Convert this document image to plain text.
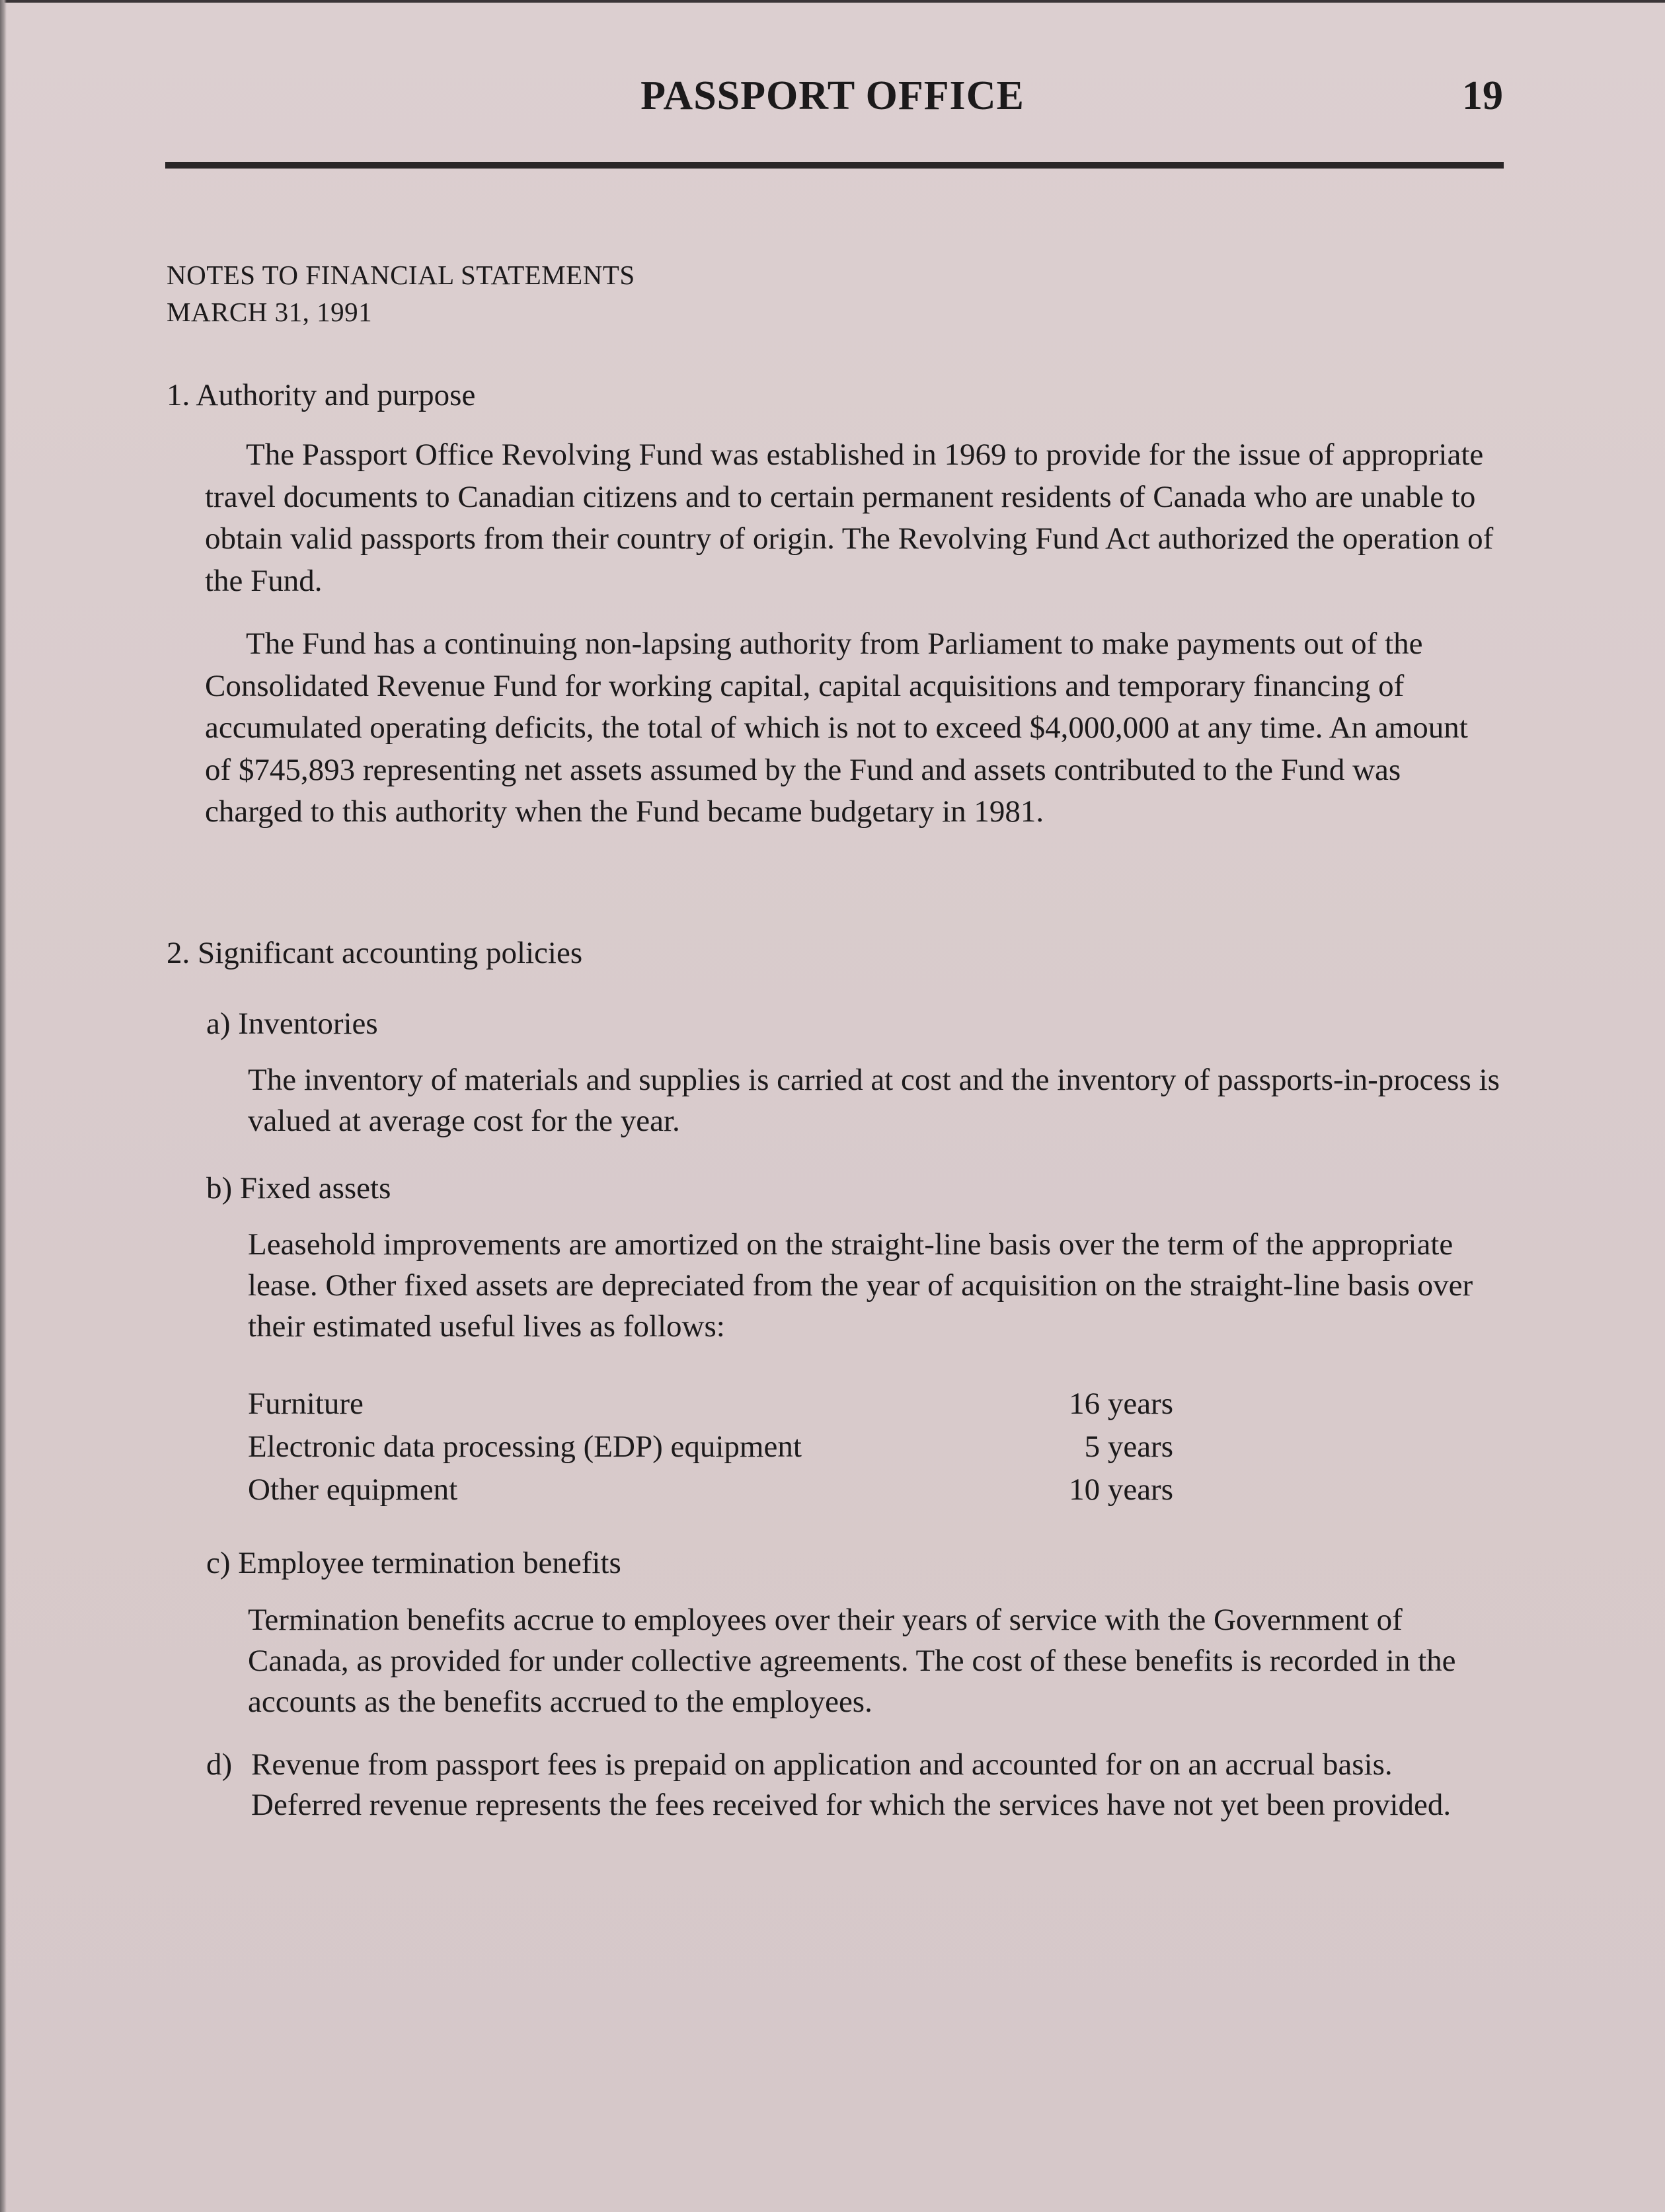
PASSPORT OFFICE	19
NOTES TO FINANCIAL STATEMENTS
MARCH 31, 1991
1. Authority and purpose
The Passport Office Revolving Fund was established in 1969 to provide for the issue of appropriate travel documents to Canadian citizens and to certain permanent residents of Canada who are unable to obtain valid passports from their country of origin. The Revolving Fund Act authorized the operation of the Fund.
The Fund has a continuing non-lapsing authority from Parliament to make payments out of the Consolidated Revenue Fund for working capital, capital acquisitions and temporary financing of accumulated operating deficits, the total of which is not to exceed $4,000,000 at any time. An amount of $745,893 representing net assets assumed by the Fund and assets contributed to the Fund was charged to this authority when the Fund became budgetary in 1981.
2. Significant accounting policies
a) Inventories
The inventory of materials and supplies is carried at cost and the inventory of passports-in-process is valued at average cost for the year.
b) Fixed assets
Leasehold improvements are amortized on the straight-line basis over the term of the appropriate lease. Other fixed assets are depreciated from the year of acquisition on the straight-line basis over their estimated useful lives as follows:
Furniture	16 years
Electronic data processing (EDP) equipment	5 years
Other equipment	10 years
c) Employee termination benefits
Termination benefits accrue to employees over their years of service with the Government of Canada, as provided for under collective agreements. The cost of these benefits is recorded in the accounts as the benefits accrued to the employees.
d) Revenue from passport fees is prepaid on application and accounted for on an accrual basis. Deferred revenue represents the fees received for which the services have not yet been provided.
